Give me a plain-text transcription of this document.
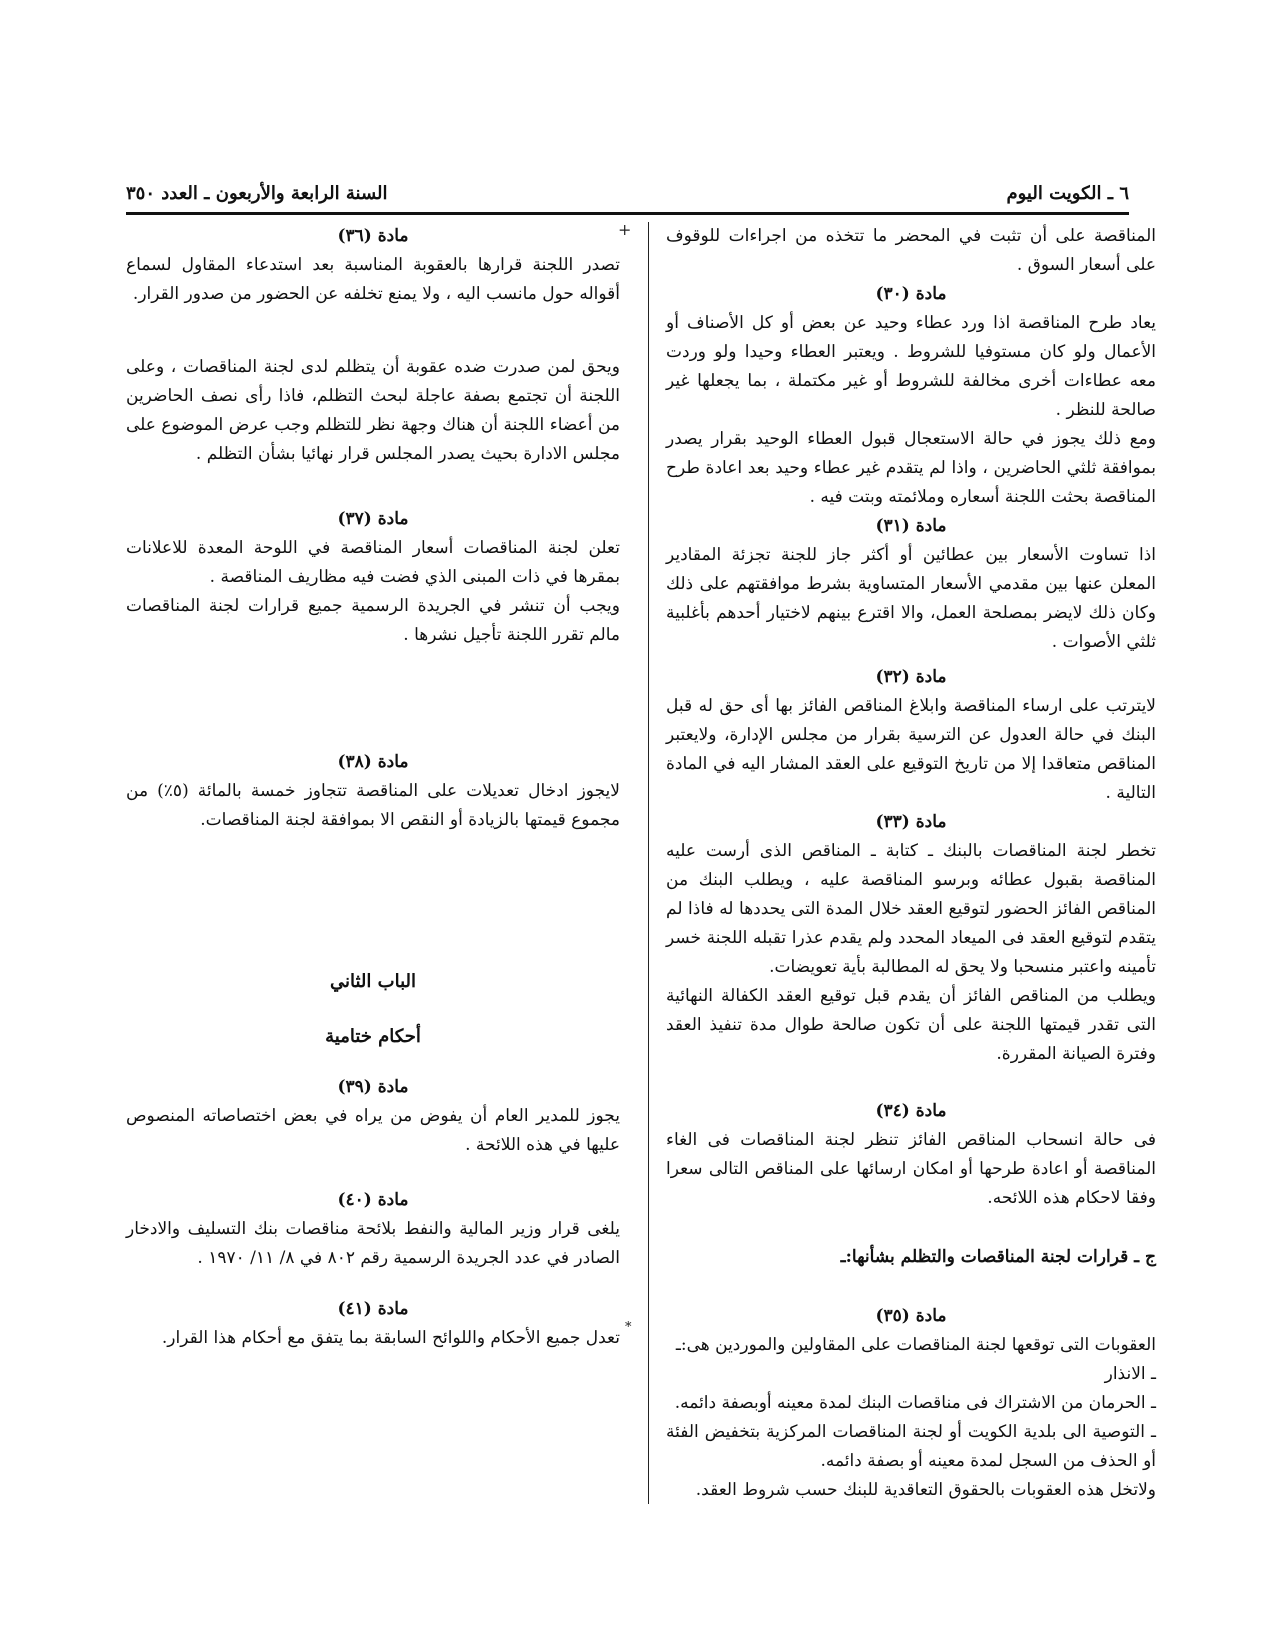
٦ ـ الكويت اليوم
السنة الرابعة والأربعون ـ العدد ٣٥٠
+
*

المناقصة على أن تثبت في المحضر ما تتخذه من اجراءات للوقوف على أسعار السوق .

مادة (٣٠)

يعاد طرح المناقصة اذا ورد عطاء وحيد عن بعض أو كل الأصناف أو الأعمال ولو كان مستوفيا للشروط . ويعتبر العطاء وحيدا ولو وردت معه عطاءات أخرى مخالفة للشروط أو غير مكتملة ، بما يجعلها غير صالحة للنظر .

ومع ذلك يجوز في حالة الاستعجال قبول العطاء الوحيد بقرار يصدر بموافقة ثلثي الحاضرين ، واذا لم يتقدم غير عطاء وحيد بعد اعادة طرح المناقصة بحثت اللجنة أسعاره وملائمته وبتت فيه .

مادة (٣١)

اذا تساوت الأسعار بين عطائين أو أكثر جاز للجنة تجزئة المقادير المعلن عنها بين مقدمي الأسعار المتساوية بشرط موافقتهم على ذلك وكان ذلك لايضر بمصلحة العمل، والا اقترع بينهم لاختيار أحدهم بأغلبية ثلثي الأصوات .

مادة (٣٢)

لايترتب على ارساء المناقصة وابلاغ المناقص الفائز بها أى حق له قبل البنك في حالة العدول عن الترسية بقرار من مجلس الإدارة، ولايعتبر المناقص متعاقدا إلا من تاريخ التوقيع على العقد المشار اليه في المادة التالية .

مادة (٣٣)

تخطر لجنة المناقصات بالبنك ـ كتابة ـ المناقص الذى أرست عليه المناقصة بقبول عطائه وبرسو المناقصة عليه ، ويطلب البنك من المناقص الفائز الحضور لتوقيع العقد خلال المدة التى يحددها له فاذا لم يتقدم لتوقيع العقد فى الميعاد المحدد ولم يقدم عذرا تقبله اللجنة خسر تأمينه واعتبر منسحبا ولا يحق له المطالبة بأية تعويضات.

ويطلب من المناقص الفائز أن يقدم قبل توقيع العقد الكفالة النهائية التى تقدر قيمتها اللجنة على أن تكون صالحة طوال مدة تنفيذ العقد وفترة الصيانة المقررة.

مادة (٣٤)

فى حالة انسحاب المناقص الفائز تنظر لجنة المناقصات فى الغاء المناقصة أو اعادة طرحها أو امكان ارسائها على المناقص التالى سعرا وفقا لاحكام هذه اللائحه.

ج ـ قرارات لجنة المناقصات والتظلم بشأنها:ـ

مادة (٣٥)

العقوبات التى توقعها لجنة المناقصات على المقاولين والموردين هى:ـ

ـ الانذار

ـ الحرمان من الاشتراك فى مناقصات البنك لمدة معينه أوبصفة دائمه.

ـ التوصية الى بلدية الكويت أو لجنة المناقصات المركزية بتخفيض الفئة أو الحذف من السجل لمدة معينه أو بصفة دائمه.

ولاتخل هذه العقوبات بالحقوق التعاقدية للبنك حسب شروط العقد.

مادة (٣٦)

تصدر اللجنة قرارها بالعقوبة المناسبة بعد استدعاء المقاول لسماع أقواله حول مانسب اليه ، ولا يمنع تخلفه عن الحضور من صدور القرار.

ويحق لمن صدرت ضده عقوبة أن يتظلم لدى لجنة المناقصات ، وعلى اللجنة أن تجتمع بصفة عاجلة لبحث التظلم، فاذا رأى نصف الحاضرين من أعضاء اللجنة أن هناك وجهة نظر للتظلم وجب عرض الموضوع على مجلس الادارة بحيث يصدر المجلس قرار نهائيا بشأن التظلم .

مادة (٣٧)

تعلن لجنة المناقصات أسعار المناقصة في اللوحة المعدة للاعلانات بمقرها في ذات المبنى الذي فضت فيه مظاريف المناقصة .

ويجب أن تنشر في الجريدة الرسمية جميع قرارات لجنة المناقصات مالم تقرر اللجنة تأجيل نشرها .

مادة (٣٨)

لايجوز ادخال تعديلات على المناقصة تتجاوز خمسة بالمائة (٥٪) من مجموع قيمتها بالزيادة أو النقص الا بموافقة لجنة المناقصات.

الباب الثاني

أحكام ختامية

مادة (٣٩)

يجوز للمدير العام أن يفوض من يراه في بعض اختصاصاته المنصوص عليها في هذه اللائحة .

مادة (٤٠)

يلغى قرار وزير المالية والنفط بلائحة مناقصات بنك التسليف والادخار الصادر في عدد الجريدة الرسمية رقم ٨٠٢ في ٨/ ١١/ ١٩٧٠ .

مادة (٤١)

تعدل جميع الأحكام واللوائح السابقة بما يتفق مع أحكام هذا القرار.
